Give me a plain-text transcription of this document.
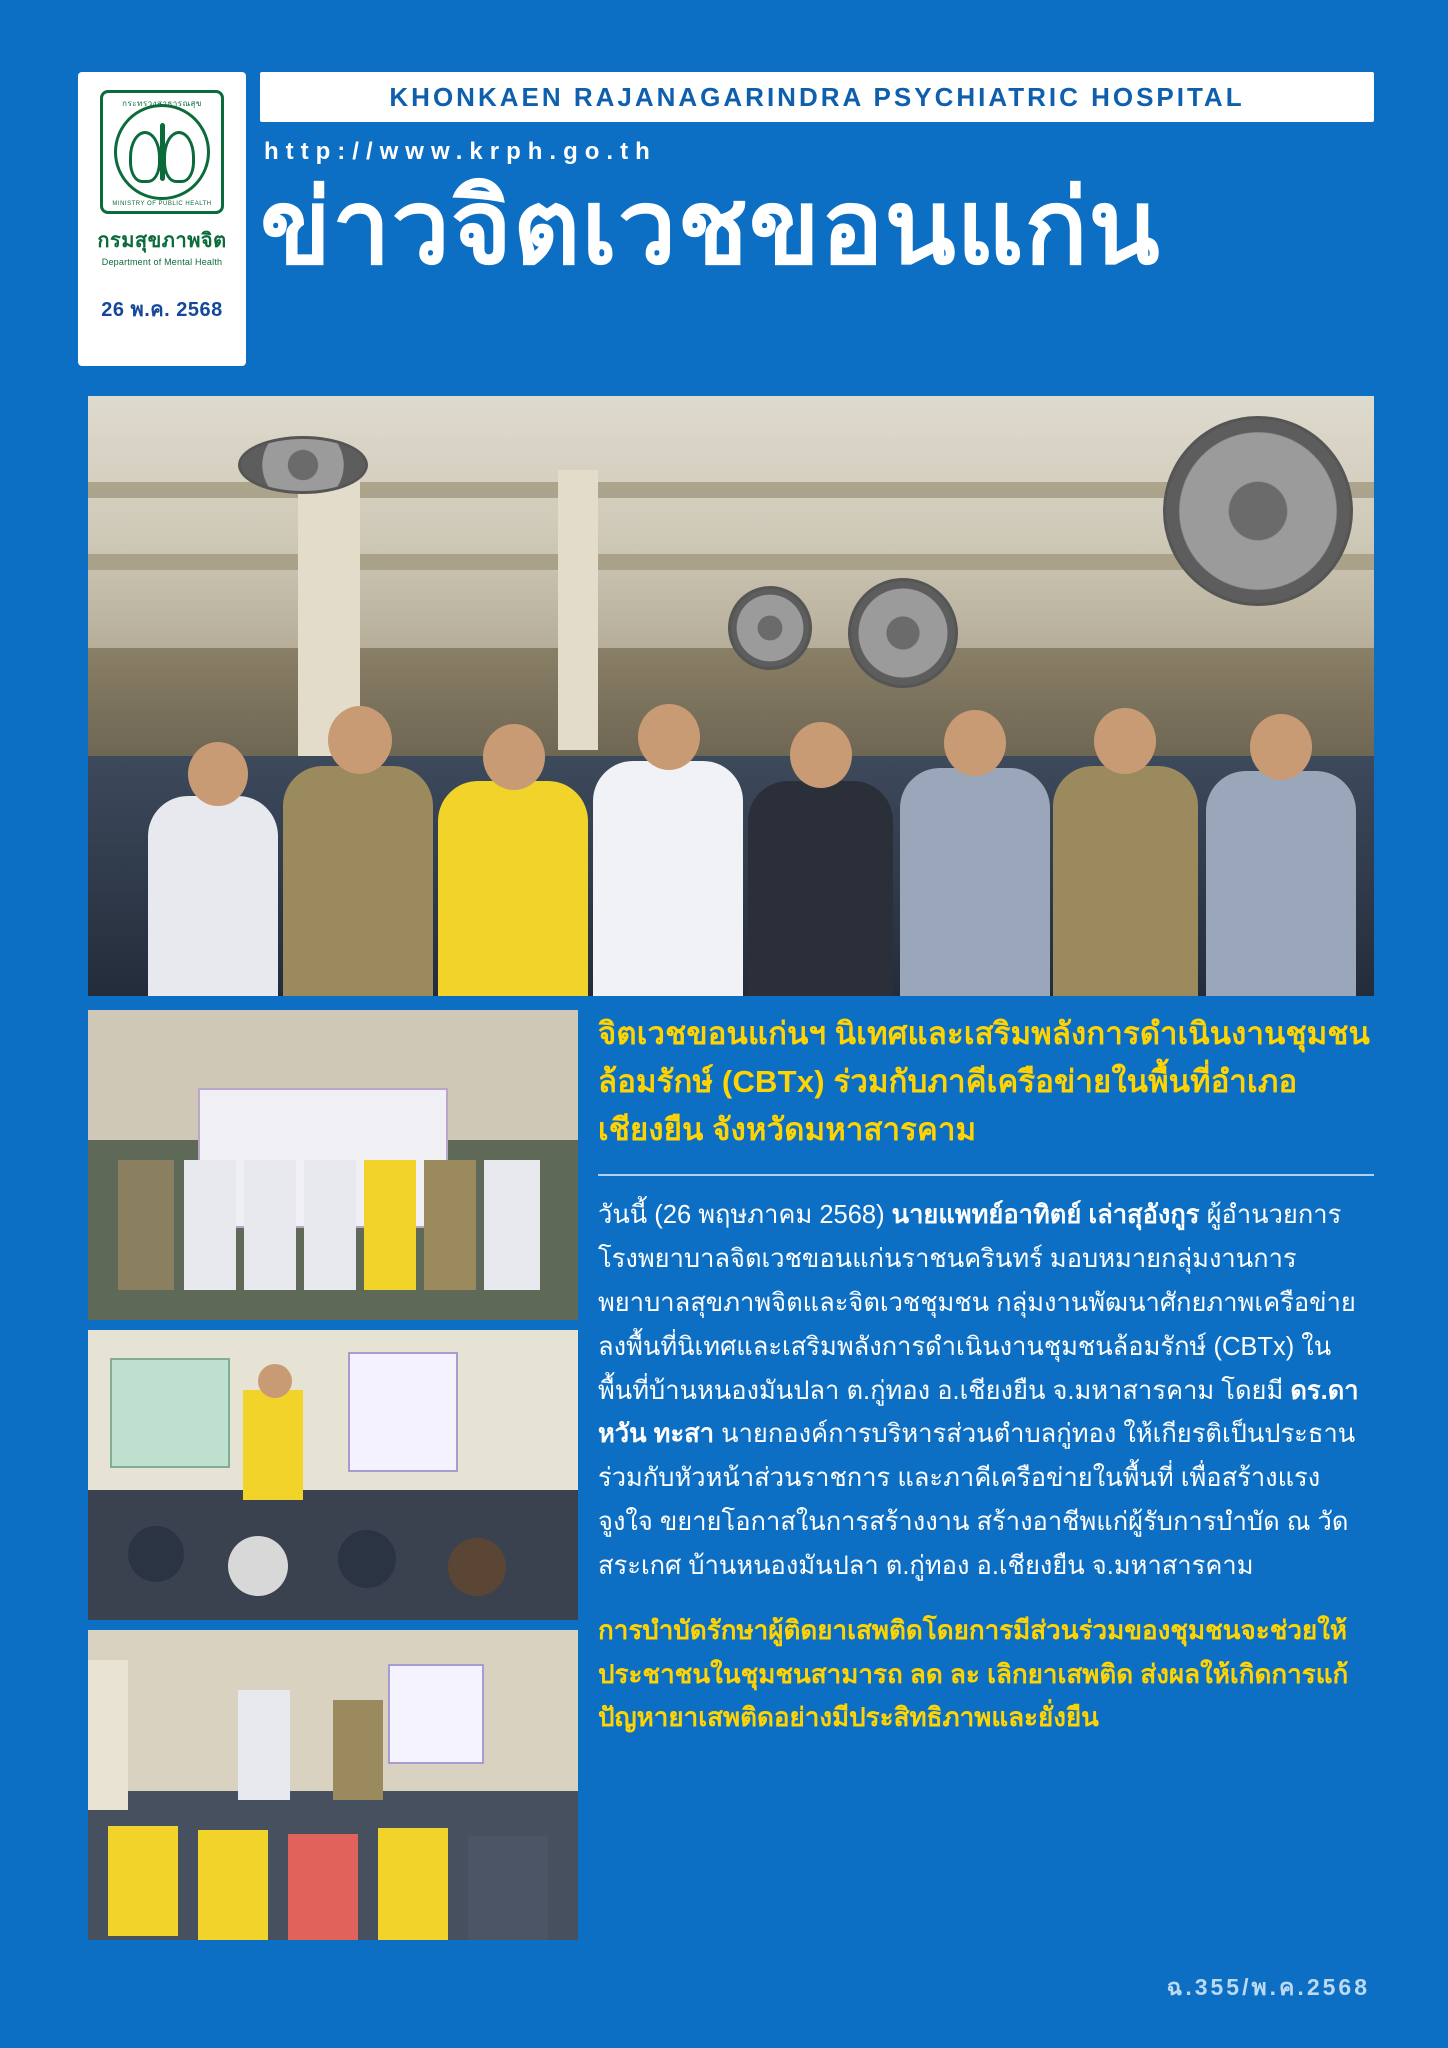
กระทรวงสาธารณสุข
MINISTRY OF PUBLIC HEALTH
กรมสุขภาพจิต
Department of Mental Health
26 พ.ค. 2568
KHONKAEN RAJANAGARINDRA PSYCHIATRIC HOSPITAL
http://www.krph.go.th
ข่าวจิตเวชขอนแก่น
จิตเวชขอนแก่นฯ นิเทศและเสริมพลังการดำเนินงานชุมชนล้อมรักษ์ (CBTx) ร่วมกับภาคีเครือข่ายในพื้นที่อำเภอเชียงยืน จังหวัดมหาสารคาม
วันนี้ (26 พฤษภาคม 2568) นายแพทย์อาทิตย์ เล่าสุอังกูร ผู้อำนวยการโรงพยาบาลจิตเวชขอนแก่นราชนครินทร์ มอบหมายกลุ่มงานการพยาบาลสุขภาพจิตและจิตเวชชุมชน กลุ่มงานพัฒนาศักยภาพเครือข่ายลงพื้นที่นิเทศและเสริมพลังการดำเนินงานชุมชนล้อมรักษ์ (CBTx) ในพื้นที่บ้านหนองมันปลา ต.กู่ทอง อ.เชียงยืน จ.มหาสารคาม โดยมี ดร.ดาหวัน ทะสา นายกองค์การบริหารส่วนตำบลกู่ทอง ให้เกียรติเป็นประธาน ร่วมกับหัวหน้าส่วนราชการ และภาคีเครือข่ายในพื้นที่ เพื่อสร้างแรงจูงใจ ขยายโอกาสในการสร้างงาน สร้างอาชีพแก่ผู้รับการบำบัด ณ วัดสระเกศ บ้านหนองมันปลา ต.กู่ทอง อ.เชียงยืน จ.มหาสารคาม
การบำบัดรักษาผู้ติดยาเสพติดโดยการมีส่วนร่วมของชุมชนจะช่วยให้ประชาชนในชุมชนสามารถ ลด ละ เลิกยาเสพติด ส่งผลให้เกิดการแก้ปัญหายาเสพติดอย่างมีประสิทธิภาพและยั่งยืน
ฉ.355/พ.ค.2568
